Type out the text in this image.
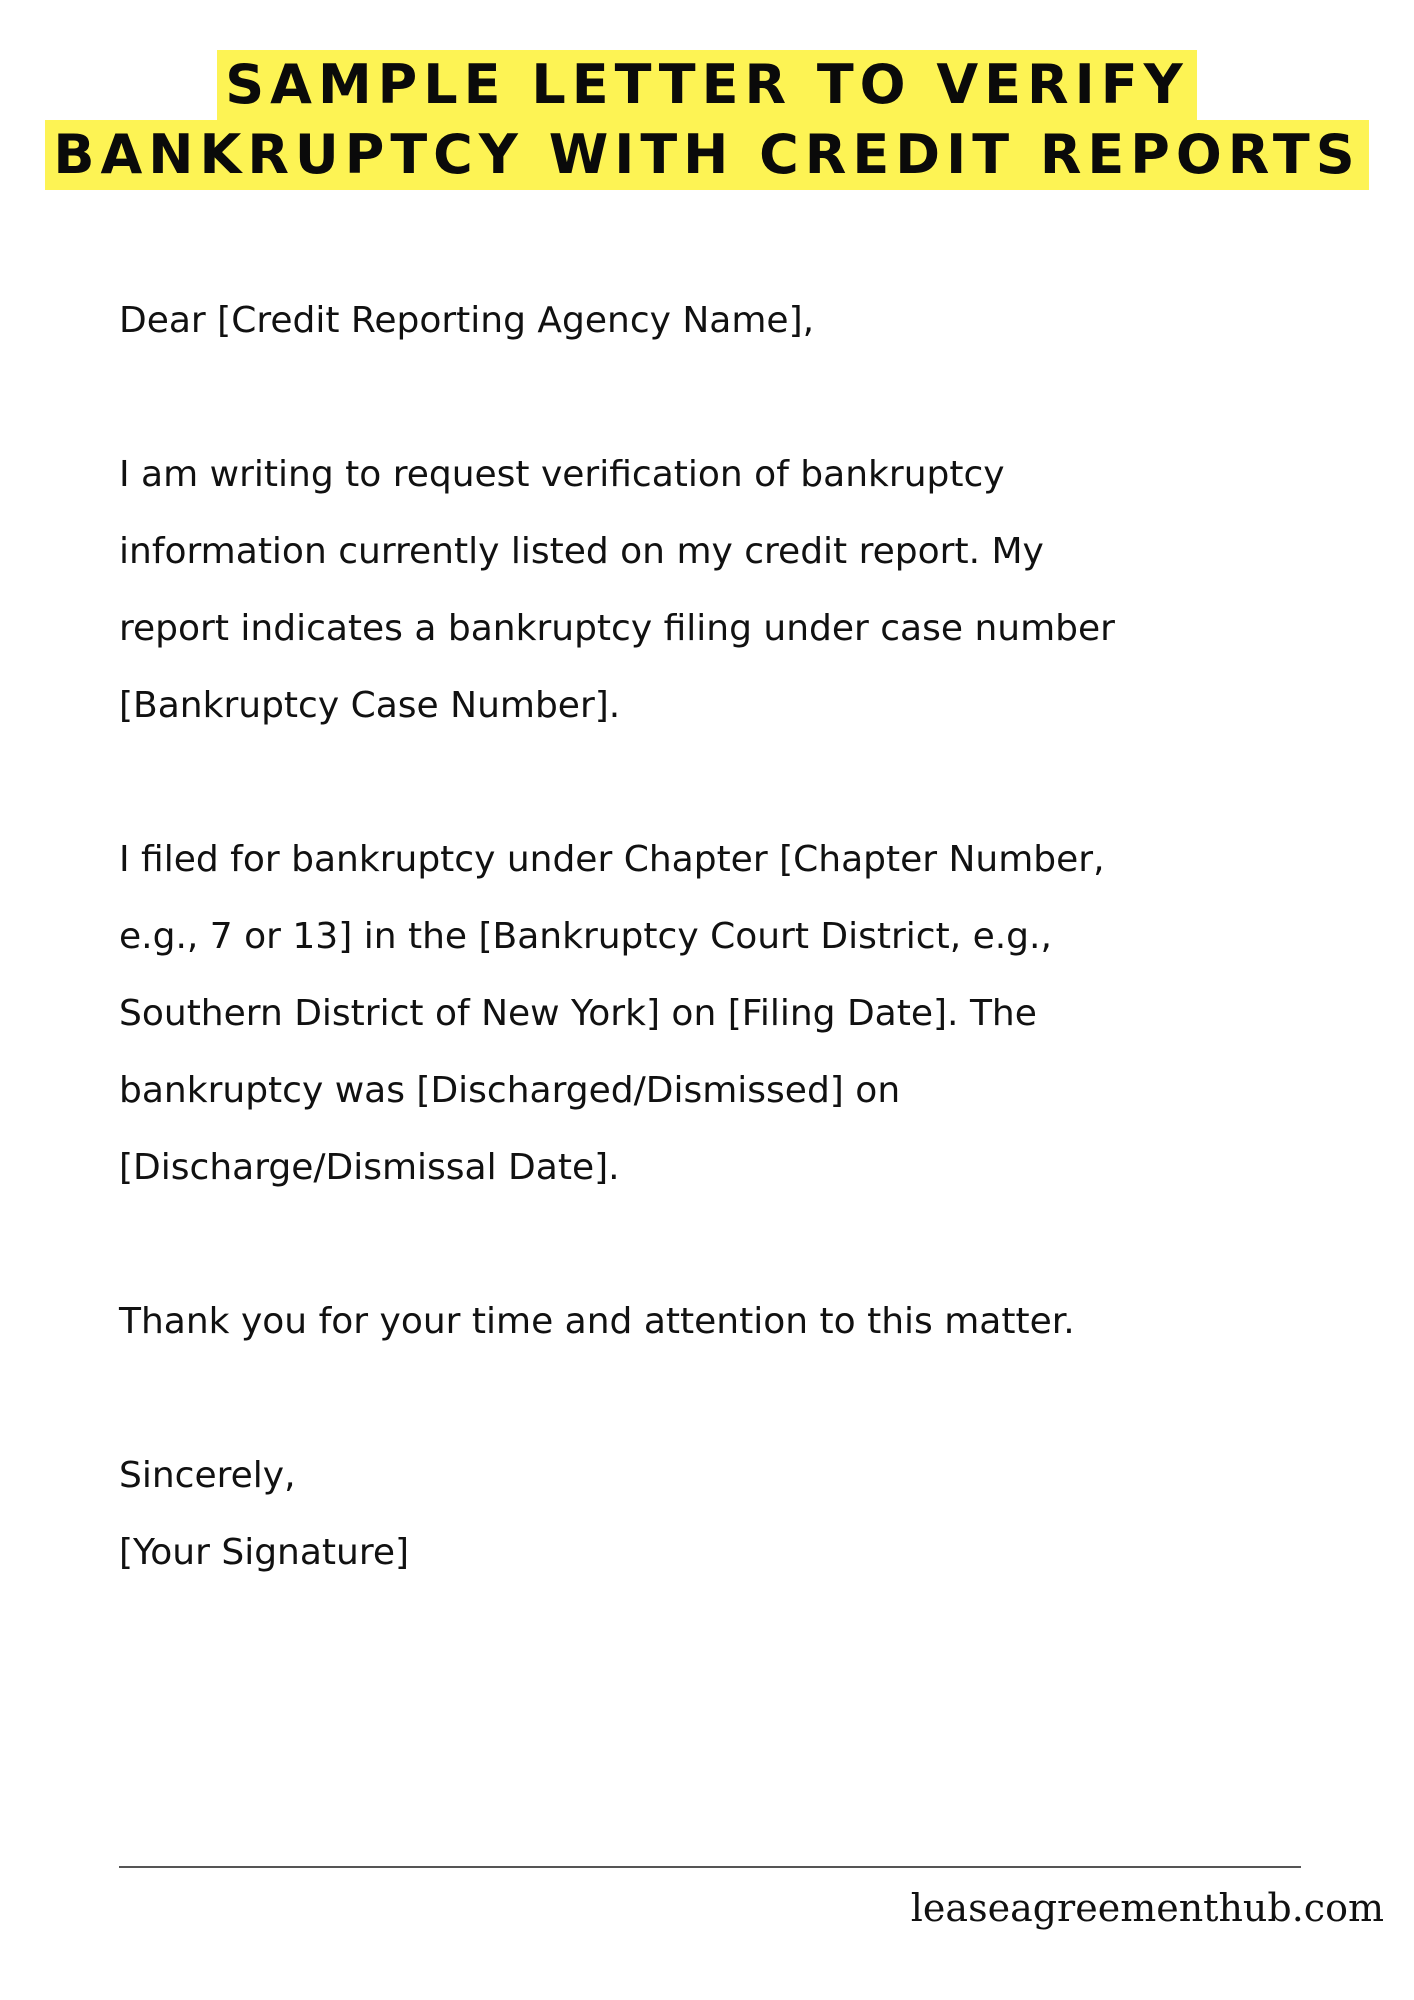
SAMPLE LETTER TO VERIFY
BANKRUPTCY WITH CREDIT REPORTS

Dear [Credit Reporting Agency Name],

I am writing to request verification of bankruptcy

information currently listed on my credit report. My

report indicates a bankruptcy filing under case number

[Bankruptcy Case Number].

I filed for bankruptcy under Chapter [Chapter Number,

e.g., 7 or 13] in the [Bankruptcy Court District, e.g.,

Southern District of New York] on [Filing Date]. The

bankruptcy was [Discharged/Dismissed] on

[Discharge/Dismissal Date].

Thank you for your time and attention to this matter.

Sincerely,

[Your Signature]

leaseagreementhub.com
